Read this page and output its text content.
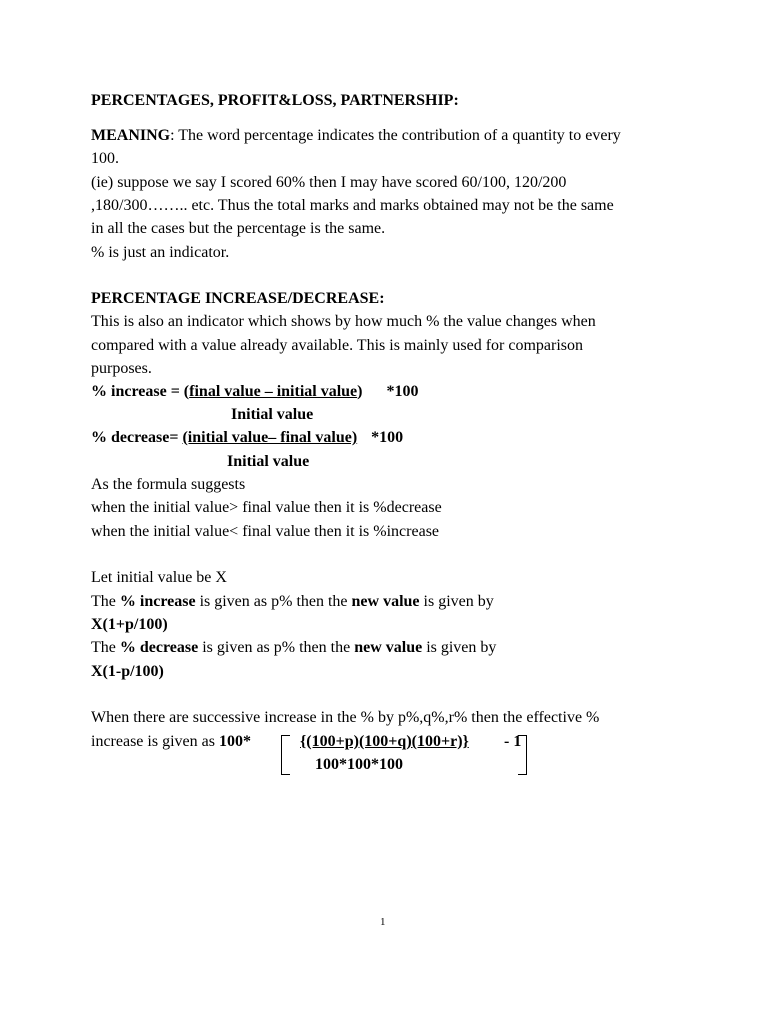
PERCENTAGES, PROFIT&LOSS, PARTNERSHIP:
MEANING: The word percentage indicates the contribution of a quantity to every
100.
(ie) suppose we say I scored 60% then I may have scored 60/100, 120/200
,180/300…….. etc. Thus the total marks and marks obtained may not be the same
in all the cases but the percentage is the same.
% is just an indicator.
PERCENTAGE INCREASE/DECREASE:
This is also an indicator which shows by how much % the value changes when
compared with a value already available. This is mainly used for comparison
purposes.
% increase = (final value – initial value) *100
Initial value
% decrease= (initial value– final value) *100
Initial value
As the formula suggests
when the initial value> final value then it is %decrease
when the initial value< final value then it is %increase
Let initial value be X
The % increase is given as p% then the new value is given by
X(1+p/100)
The % decrease is given as p% then the new value is given by
X(1-p/100)
When there are successive increase in the % by p%,q%,r% then the effective %
increase is given as 100*	{(100+p)(100+q)(100+r)} - 1
100*100*100
1
